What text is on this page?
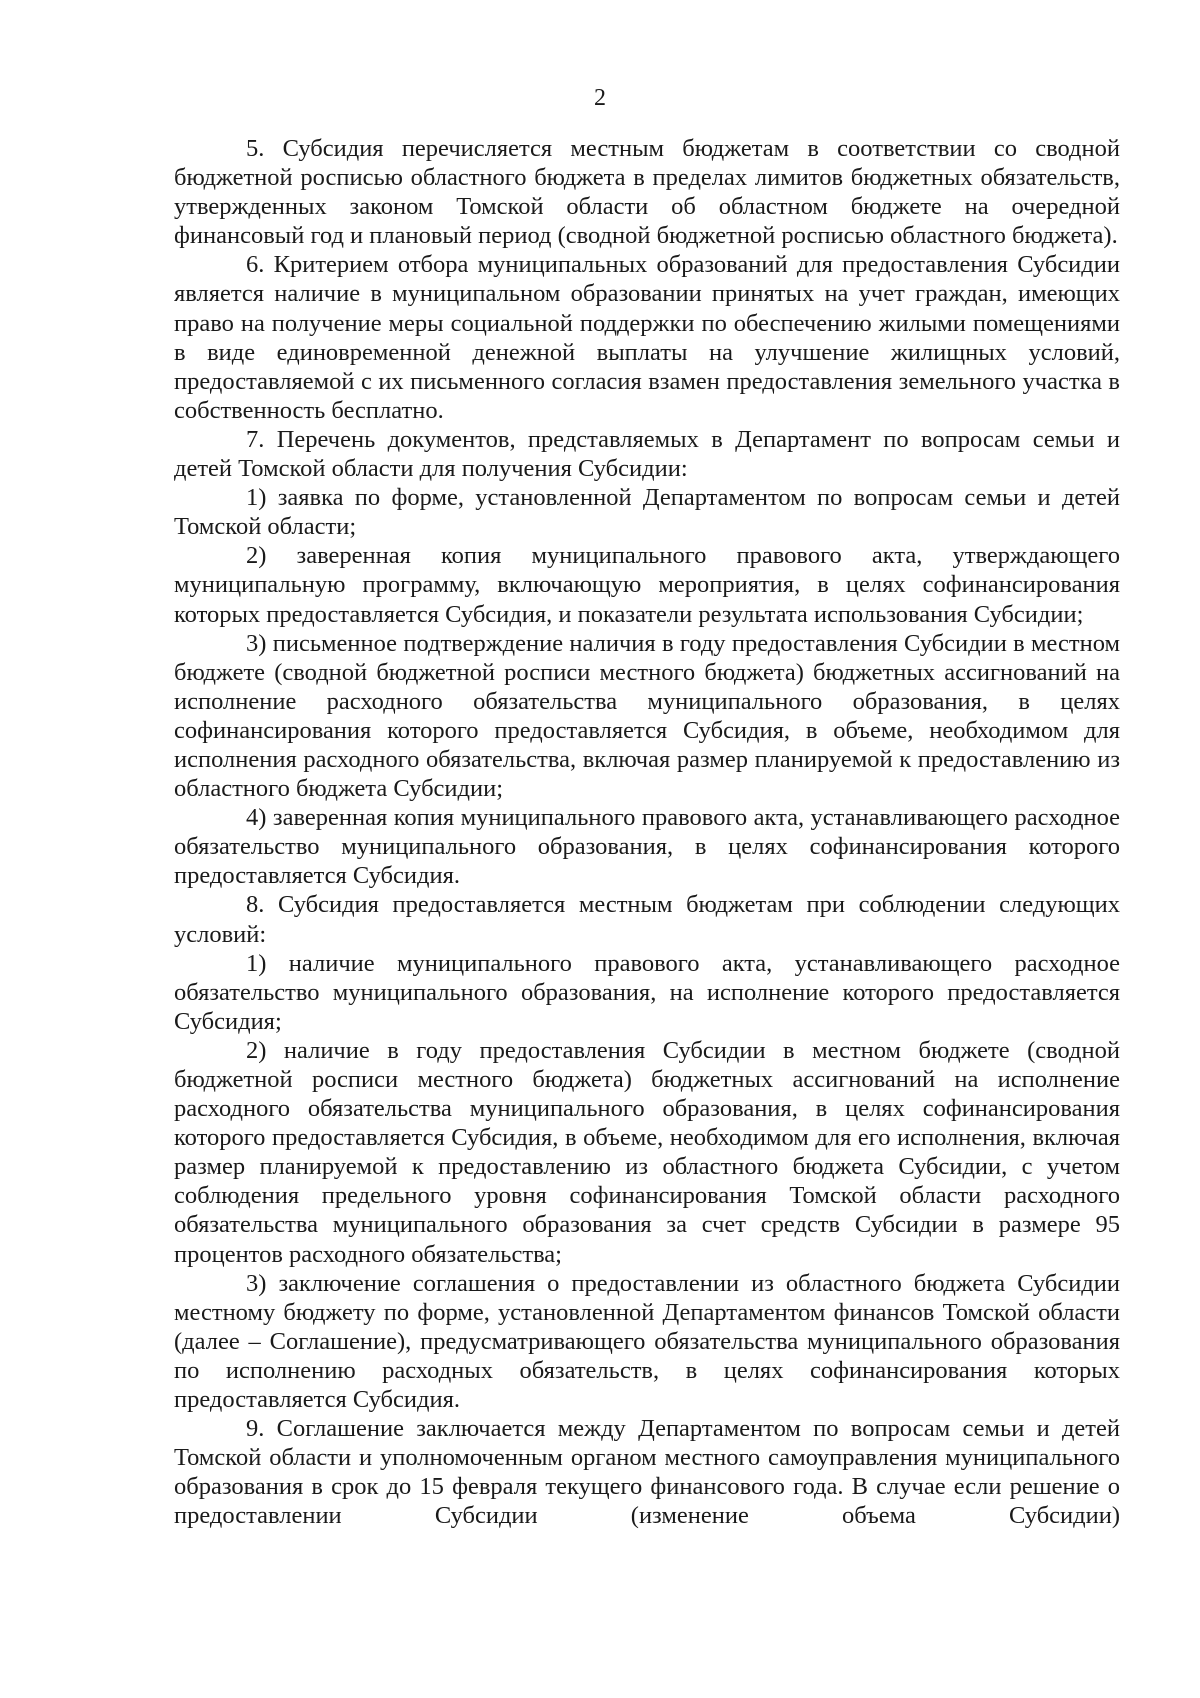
2

5. Субсидия перечисляется местным бюджетам в соответствии со сводной бюджетной росписью областного бюджета в пределах лимитов бюджетных обязательств, утвержденных законом Томской области об областном бюджете на очередной финансовый год и плановый период (сводной бюджетной росписью областного бюджета).

6. Критерием отбора муниципальных образований для предоставления Субсидии является наличие в муниципальном образовании принятых на учет граждан, имеющих право на получение меры социальной поддержки по обеспечению жилыми помещениями в виде единовременной денежной выплаты на улучшение жилищных условий, предоставляемой с их письменного согласия взамен предоставления земельного участка в собственность бесплатно.

7. Перечень документов, представляемых в Департамент по вопросам семьи и детей Томской области для получения Субсидии:

1) заявка по форме, установленной Департаментом по вопросам семьи и детей Томской области;

2) заверенная копия муниципального правового акта, утверждающего муниципальную программу, включающую мероприятия, в целях софинансирования которых предоставляется Субсидия, и показатели результата использования Субсидии;

3) письменное подтверждение наличия в году предоставления Субсидии в местном бюджете (сводной бюджетной росписи местного бюджета) бюджетных ассигнований на исполнение расходного обязательства муниципального образования, в целях софинансирования которого предоставляется Субсидия, в объеме, необходимом для исполнения расходного обязательства, включая размер планируемой к предоставлению из областного бюджета Субсидии;

4) заверенная копия муниципального правового акта, устанавливающего расходное обязательство муниципального образования, в целях софинансирования которого предоставляется Субсидия.

8. Субсидия предоставляется местным бюджетам при соблюдении следующих условий:

1) наличие муниципального правового акта, устанавливающего расходное обязательство муниципального образования, на исполнение которого предоставляется Субсидия;

2) наличие в году предоставления Субсидии в местном бюджете (сводной бюджетной росписи местного бюджета) бюджетных ассигнований на исполнение расходного обязательства муниципального образования, в целях софинансирования которого предоставляется Субсидия, в объеме, необходимом для его исполнения, включая размер планируемой к предоставлению из областного бюджета Субсидии, с учетом соблюдения предельного уровня софинансирования Томской области расходного обязательства муниципального образования за счет средств Субсидии в размере 95 процентов расходного обязательства;

3) заключение соглашения о предоставлении из областного бюджета Субсидии местному бюджету по форме, установленной Департаментом финансов Томской области (далее – Соглашение), предусматривающего обязательства муниципального образования по исполнению расходных обязательств, в целях софинансирования которых предоставляется Субсидия.

9. Соглашение заключается между Департаментом по вопросам семьи и детей Томской области и уполномоченным органом местного самоуправления муниципального образования в срок до 15 февраля текущего финансового года. В случае если решение о предоставлении Субсидии (изменение объема Субсидии)
